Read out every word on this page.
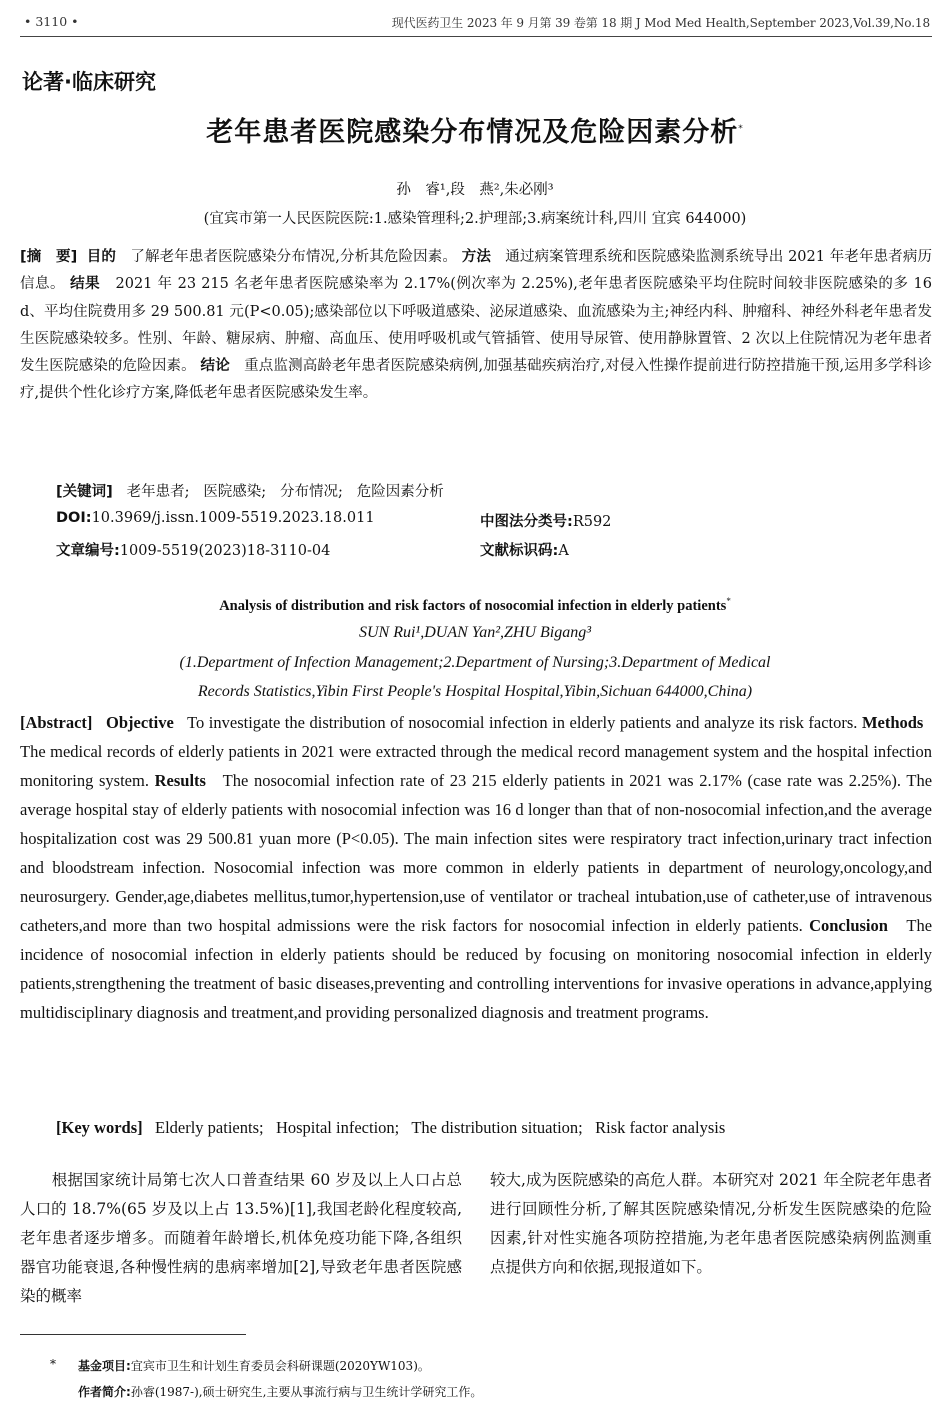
• 3110 •	现代医药卫生 2023 年 9 月第 39 卷第 18 期 J Mod Med Health,September 2023,Vol.39,No.18
论著·临床研究
老年患者医院感染分布情况及危险因素分析*
孙　睿¹,段　燕²,朱必刚³
(宜宾市第一人民医院医院:1.感染管理科;2.护理部;3.病案统计科,四川 宜宾 644000)
[摘　要] 目的 了解老年患者医院感染分布情况,分析其危险因素。 方法 通过病案管理系统和医院感染监测系统导出 2021 年老年患者病历信息。 结果 2021 年 23 215 名老年患者医院感染率为 2.17%(例次率为 2.25%),老年患者医院感染平均住院时间较非医院感染的多 16 d、平均住院费用多 29 500.81 元(P<0.05);感染部位以下呼吸道感染、泌尿道感染、血流感染为主;神经内科、肿瘤科、神经外科老年患者发生医院感染较多。性别、年龄、糖尿病、肿瘤、高血压、使用呼吸机或气管插管、使用导尿管、使用静脉置管、2 次以上住院情况为老年患者发生医院感染的危险因素。 结论 重点监测高龄老年患者医院感染病例,加强基础疾病治疗,对侵入性操作提前进行防控措施干预,运用多学科诊疗,提供个性化诊疗方案,降低老年患者医院感染发生率。
[关键词] 老年患者; 医院感染; 分布情况; 危险因素分析
DOI:10.3969/j.issn.1009-5519.2023.18.011	中图法分类号:R592
文章编号:1009-5519(2023)18-3110-04	文献标识码:A
Analysis of distribution and risk factors of nosocomial infection in elderly patients*
SUN Rui¹,DUAN Yan²,ZHU Bigang³
(1.Department of Infection Management;2.Department of Nursing;3.Department of Medical
Records Statistics,Yibin First People's Hospital Hospital,Yibin,Sichuan 644000,China)
[Abstract] Objective To investigate the distribution of nosocomial infection in elderly patients and analyze its risk factors. Methods   The medical records of elderly patients in 2021 were extracted through the medical record management system and the hospital infection monitoring system. Results The nosocomial infection rate of 23 215 elderly patients in 2021 was 2.17% (case rate was 2.25%). The average hospital stay of elderly patients with nosocomial infection was 16 d longer than that of non-nosocomial infection,and the average hospitalization cost was 29 500.81 yuan more (P<0.05). The main infection sites were respiratory tract infection,urinary tract infection and bloodstream infection. Nosocomial infection was more common in elderly patients in department of neurology,oncology,and neurosurgery. Gender,age,diabetes mellitus,tumor,hypertension,use of ventilator or tracheal intubation,use of catheter,use of intravenous catheters,and more than two hospital admissions were the risk factors for nosocomial infection in elderly patients. Conclusion The incidence of nosocomial infection in elderly patients should be reduced by focusing on monitoring nosocomial infection in elderly patients,strengthening the treatment of basic diseases,preventing and controlling interventions for invasive operations in advance,applying multidisciplinary diagnosis and treatment,and providing personalized diagnosis and treatment programs.
[Key words] Elderly patients; Hospital infection; The distribution situation; Risk factor analysis
　　根据国家统计局第七次人口普查结果 60 岁及以上人口占总人口的 18.7%(65 岁及以上占 13.5%)[1],我国老龄化程度较高,老年患者逐步增多。而随着年龄增长,机体免疫功能下降,各组织器官功能衰退,各种慢性病的患病率增加[2],导致老年患者医院感染的概率
较大,成为医院感染的高危人群。本研究对 2021 年全院老年患者进行回顾性分析,了解其医院感染情况,分析发生医院感染的危险因素,针对性实施各项防控措施,为老年患者医院感染病例监测重点提供方向和依据,现报道如下。
* 基金项目:宜宾市卫生和计划生育委员会科研课题(2020YW103)。
作者简介:孙睿(1987-),硕士研究生,主要从事流行病与卫生统计学研究工作。
